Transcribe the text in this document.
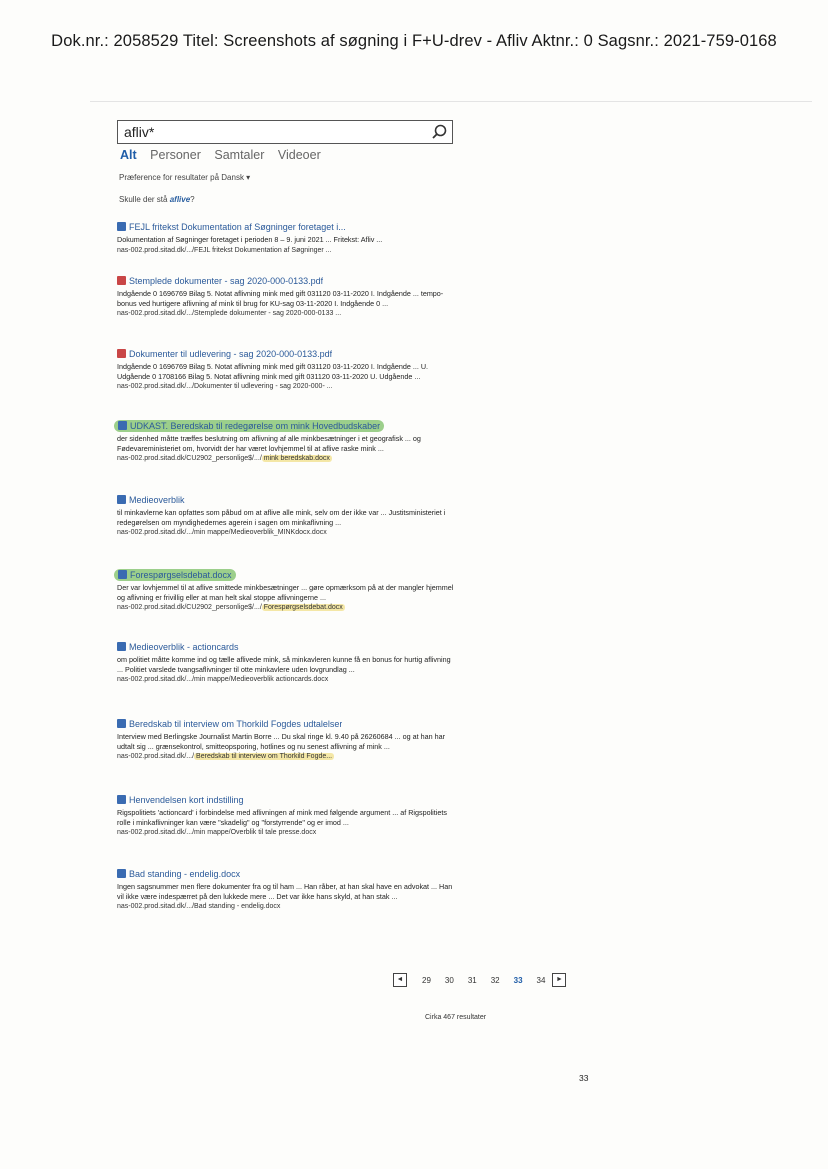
Dok.nr.: 2058529 Titel: Screenshots af søgning i F+U-drev - Afliv Aktnr.: 0 Sagsnr.: 2021-759-0168
afliv*
Alt Personer Samtaler Videoer
Præference for resultater på Dansk ▾
Skulle der stå aflive?
FEJL fritekst Dokumentation af Søgninger foretaget i...
Dokumentation af Søgninger foretaget i perioden 8 – 9. juni 2021 ... Fritekst: Afliv ...
nas-002.prod.sitad.dk/.../FEJL fritekst Dokumentation af Søgninger ...
Stemplede dokumenter - sag 2020-000-0133.pdf
Indgående 0 1696769 Bilag 5. Notat aflivning mink med gift 031120 03-11-2020 I. Indgående ... tempo-bonus ved hurtigere aflivning af mink til brug for KU-sag 03-11-2020 I. Indgående 0 ...
nas-002.prod.sitad.dk/.../Stemplede dokumenter - sag 2020-000-0133 ...
Dokumenter til udlevering - sag 2020-000-0133.pdf
Indgående 0 1696769 Bilag 5. Notat aflivning mink med gift 031120 03-11-2020 I. Indgående ... U. Udgående 0 1708166 Bilag 5. Notat aflivning mink med gift 031120 03-11-2020 U. Udgående ...
nas-002.prod.sitad.dk/.../Dokumenter til udlevering - sag 2020-000- ...
UDKAST. Beredskab til redegørelse om mink Hovedbudskaber
der sidenhed måtte træffes beslutning om aflivning af alle minkbesætninger i et geografisk ... og Fødevareministeriet om, hvorvidt der har været lovhjemmel til at aflive raske mink ...
nas-002.prod.sitad.dk/CU2902_personlige$/.../ mink beredskab.docx
Medieoverblik
til minkavlerne kan opfattes som påbud om at aflive alle mink, selv om der ikke var ... Justitsministeriet i redegørelsen om myndighedernes agerein i sagen om minkaflivning ...
nas-002.prod.sitad.dk/.../min mappe/Medieoverblik_MINKdocx.docx
Forespørgselsdebat.docx
Der var lovhjemmel til at aflive smittede minkbesætninger ... gøre opmærksom på at der mangler hjemmel og aflivning er frivillig eller at man helt skal stoppe aflivningerne ...
nas-002.prod.sitad.dk/CU2902_personlige$/.../ Forespørgselsdebat.docx
Medieoverblik - actioncards
om politiet måtte komme ind og tælle aflivede mink, så minkavleren kunne få en bonus for hurtig aflivning ... Politiet varslede tvangsaflivninger til otte minkavlere uden lovgrundlag ...
nas-002.prod.sitad.dk/.../min mappe/Medieoverblik actioncards.docx
Beredskab til interview om Thorkild Fogdes udtalelser
Interview med Berlingske Journalist Martin Borre ... Du skal ringe kl. 9.40 på 26260684 ... og at han har udtalt sig ... grænsekontrol, smitteopsporing, hotlines og nu senest aflivning af mink ...
nas-002.prod.sitad.dk/.../ Beredskab til interview om Thorkild Fogde...
Henvendelsen kort indstilling
Rigspolitiets 'actioncard' i forbindelse med aflivningen af mink med følgende argument ... af Rigspolitiets rolle i minkaflivninger kan være "skadelig" og "forstyrrende" og er imod ...
nas-002.prod.sitad.dk/.../min mappe/Overblik til tale presse.docx
Bad standing - endelig.docx
Ingen sagsnummer men flere dokumenter fra og til ham ... Han råber, at han skal have en advokat ... Han vil ikke være indespærret på den lukkede mere ... Det var ikke hans skyld, at han stak ...
nas-002.prod.sitad.dk/.../Bad standing - endelig.docx
◄	29 30 31 32 33 34	►
Cirka 467 resultater
33
